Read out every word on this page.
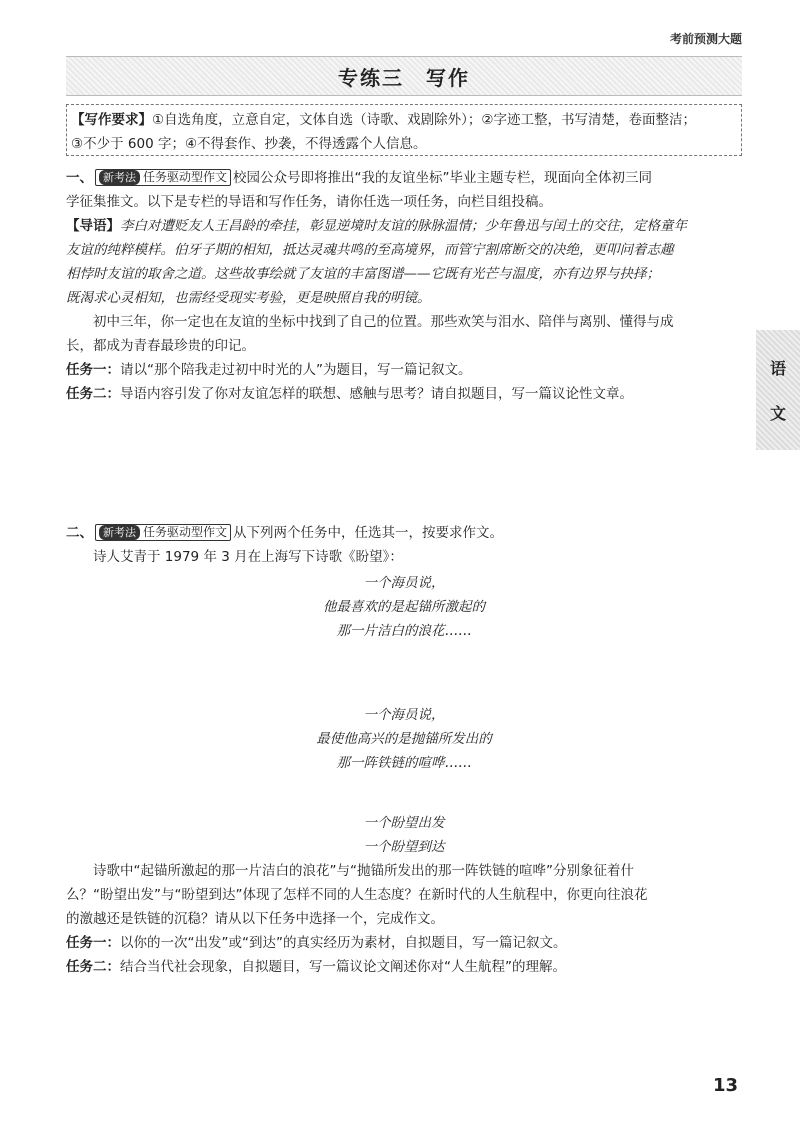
考前预测大题
专练三　写作
【写作要求】①自选角度，立意自定，文体自选（诗歌、戏剧除外）；②字迹工整，书写清楚，卷面整洁；
③不少于 600 字；④不得套作、抄袭，不得透露个人信息。
一、 新考法 任务驱动型作文 校园公众号即将推出“我的友谊坐标”毕业主题专栏，现面向全体初三同
学征集推文。以下是专栏的导语和写作任务，请你任选一项任务，向栏目组投稿。
【导语】李白对遭贬友人王昌龄的牵挂，彰显逆境时友谊的脉脉温情；少年鲁迅与闰土的交往，定格童年
友谊的纯粹模样。伯牙子期的相知，抵达灵魂共鸣的至高境界，而管宁割席断交的决绝，更叩问着志趣
相悖时友谊的取舍之道。这些故事绘就了友谊的丰富图谱——它既有光芒与温度，亦有边界与抉择；
既渴求心灵相知，也需经受现实考验，更是映照自我的明镜。
初中三年，你一定也在友谊的坐标中找到了自己的位置。那些欢笑与泪水、陪伴与离别、懂得与成
长，都成为青春最珍贵的印记。
任务一：请以“那个陪我走过初中时光的人”为题目，写一篇记叙文。
任务二：导语内容引发了你对友谊怎样的联想、感触与思考？请自拟题目，写一篇议论性文章。
二、 新考法 任务驱动型作文 从下列两个任务中，任选其一，按要求作文。
诗人艾青于 1979 年 3 月在上海写下诗歌《盼望》：
一个海员说，
他最喜欢的是起锚所激起的
那一片洁白的浪花……
一个海员说，
最使他高兴的是抛锚所发出的
那一阵铁链的喧哗……
一个盼望出发
一个盼望到达
诗歌中“起锚所激起的那一片洁白的浪花”与“抛锚所发出的那一阵铁链的喧哗”分别象征着什
么？“盼望出发”与“盼望到达”体现了怎样不同的人生态度？在新时代的人生航程中，你更向往浪花
的激越还是铁链的沉稳？请从以下任务中选择一个，完成作文。
任务一：以你的一次“出发”或“到达”的真实经历为素材，自拟题目，写一篇记叙文。
任务二：结合当代社会现象，自拟题目，写一篇议论文阐述你对“人生航程”的理解。
语
文
13
